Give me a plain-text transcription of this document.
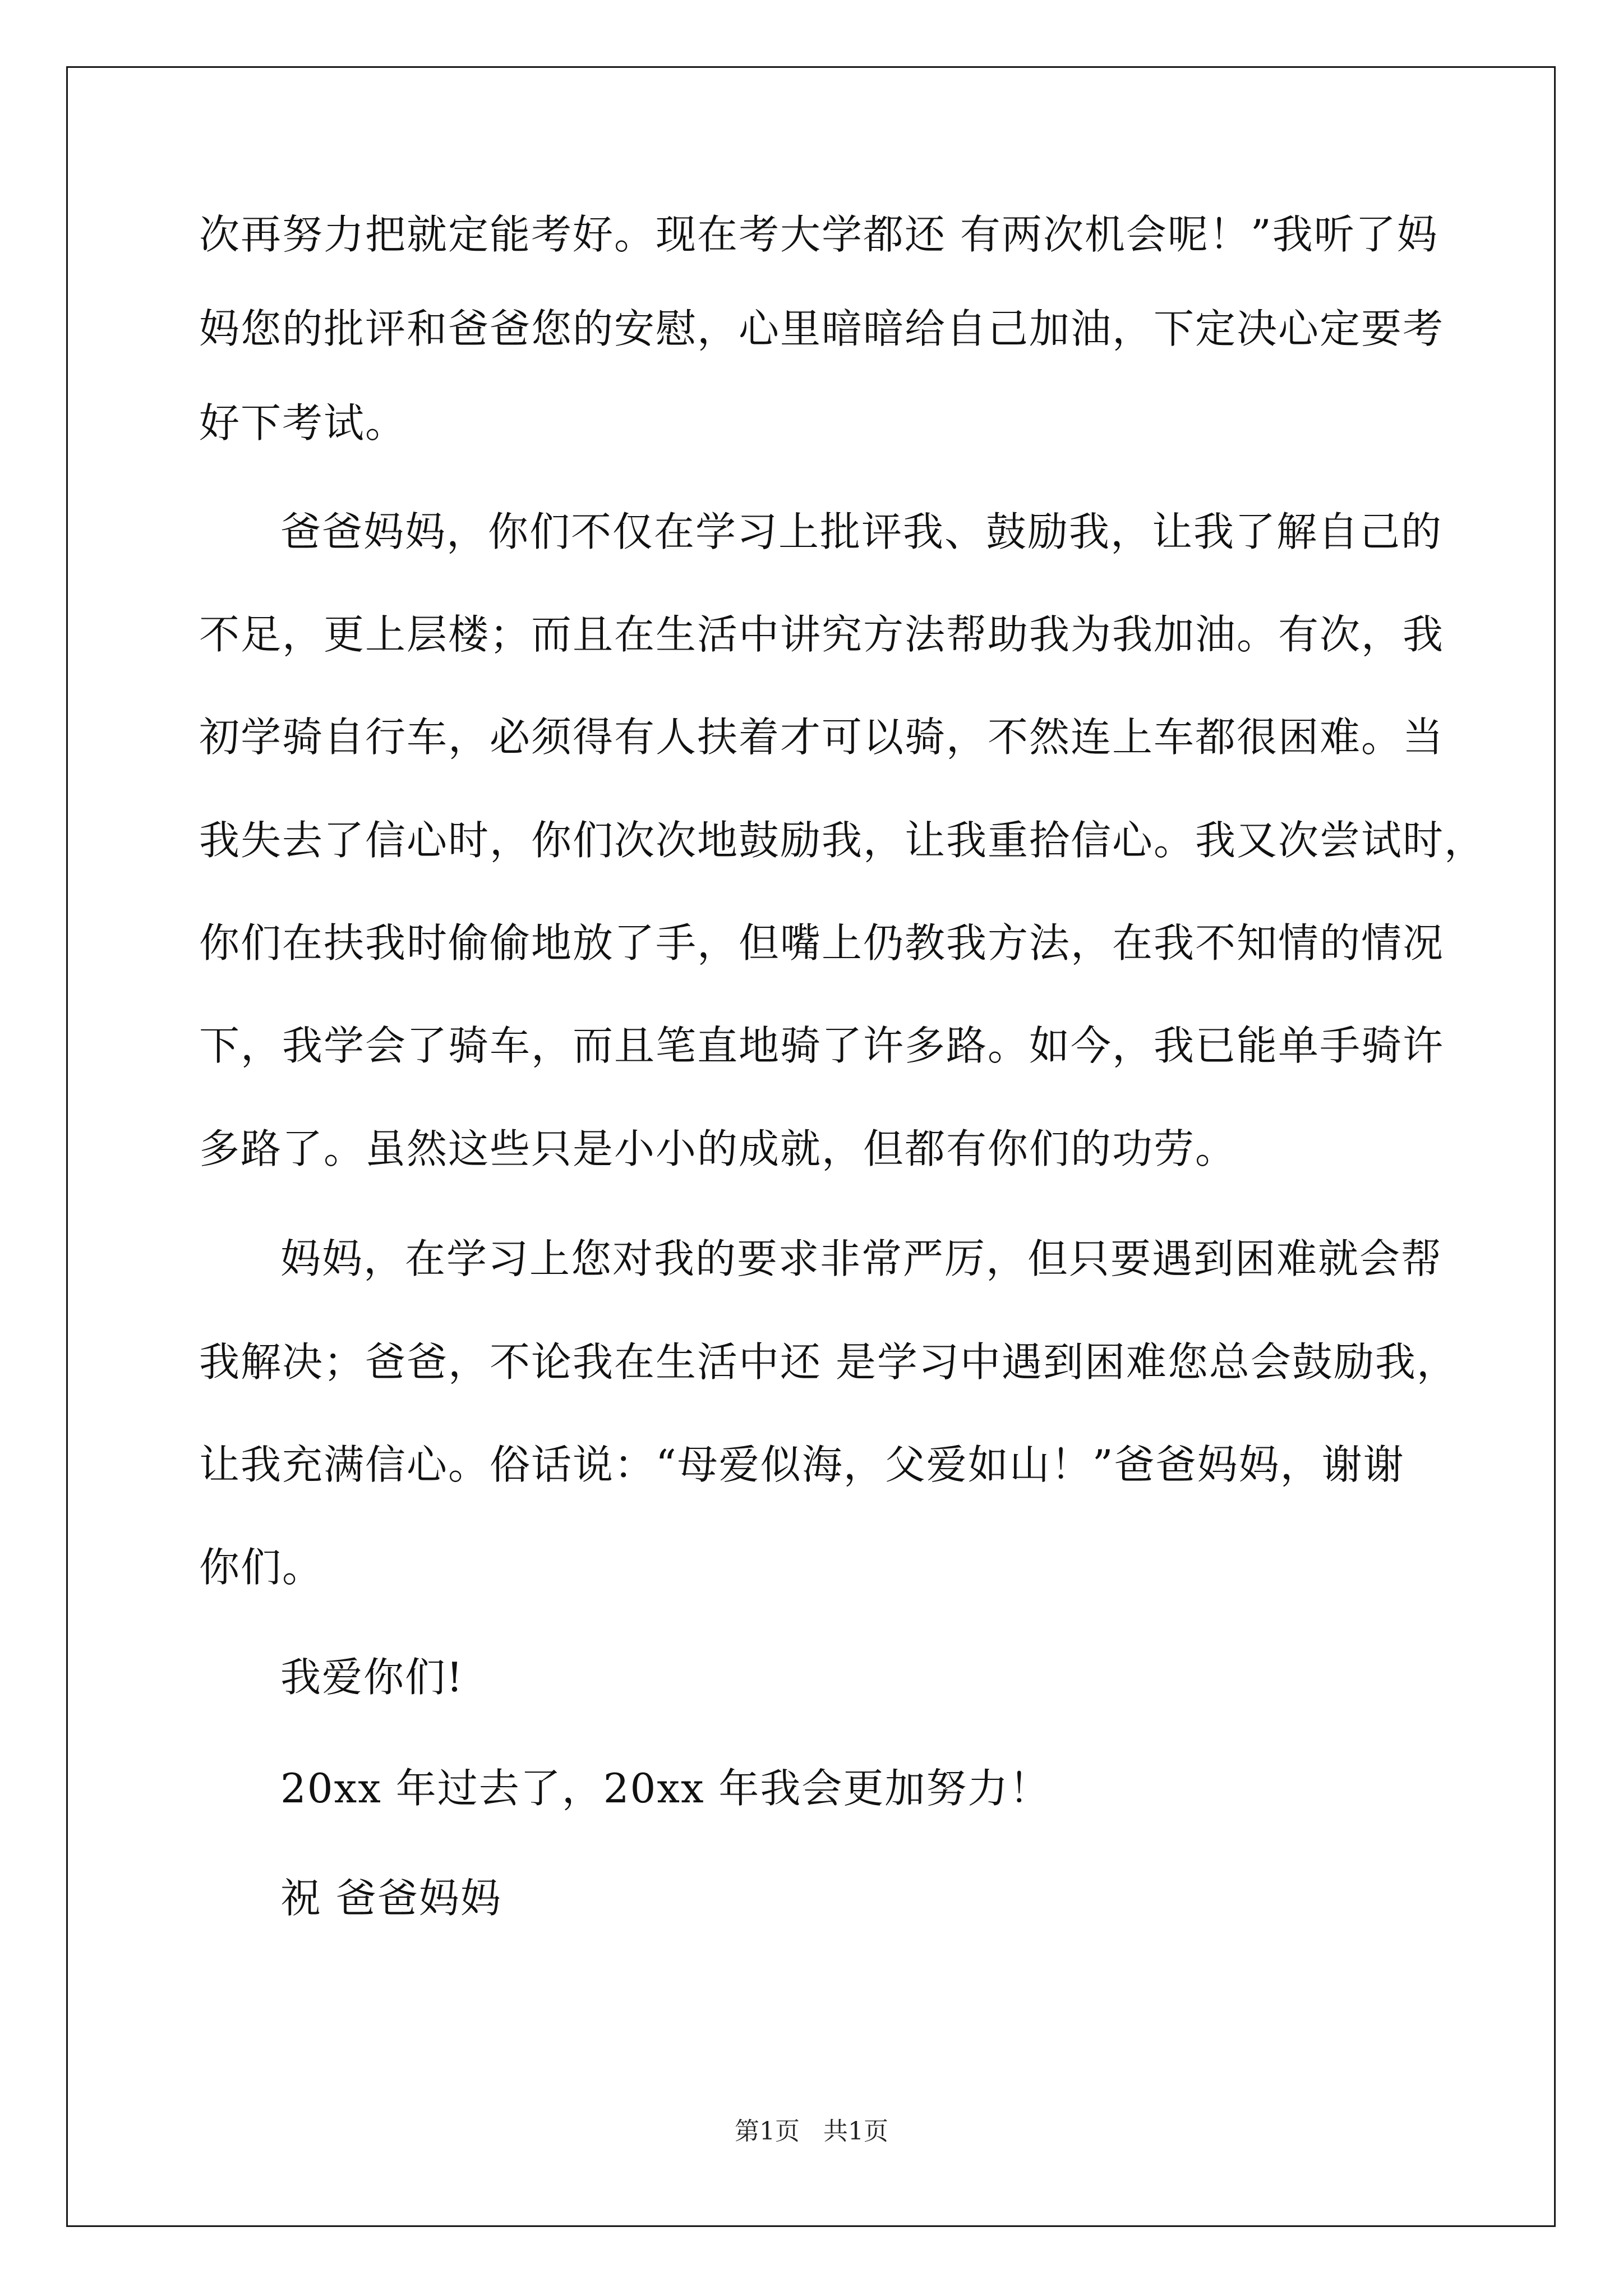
次再努力把就定能考好。现在考大学都还 有两次机会呢！”我听了妈
妈您的批评和爸爸您的安慰，心里暗暗给自己加油，下定决心定要考
好下考试。
爸爸妈妈，你们不仅在学习上批评我、鼓励我，让我了解自己的
不足，更上层楼；而且在生活中讲究方法帮助我为我加油。有次，我
初学骑自行车，必须得有人扶着才可以骑，不然连上车都很困难。当
我失去了信心时，你们次次地鼓励我，让我重拾信心。我又次尝试时，
你们在扶我时偷偷地放了手，但嘴上仍教我方法，在我不知情的情况
下，我学会了骑车，而且笔直地骑了许多路。如今，我已能单手骑许
多路了。虽然这些只是小小的成就，但都有你们的功劳。
妈妈，在学习上您对我的要求非常严厉，但只要遇到困难就会帮
我解决；爸爸，不论我在生活中还 是学习中遇到困难您总会鼓励我，
让我充满信心。俗话说：“母爱似海，父爱如山！”爸爸妈妈，谢谢
你们。
我爱你们!
20xx 年过去了，20xx 年我会更加努力！
祝 爸爸妈妈
第1页   共1页
